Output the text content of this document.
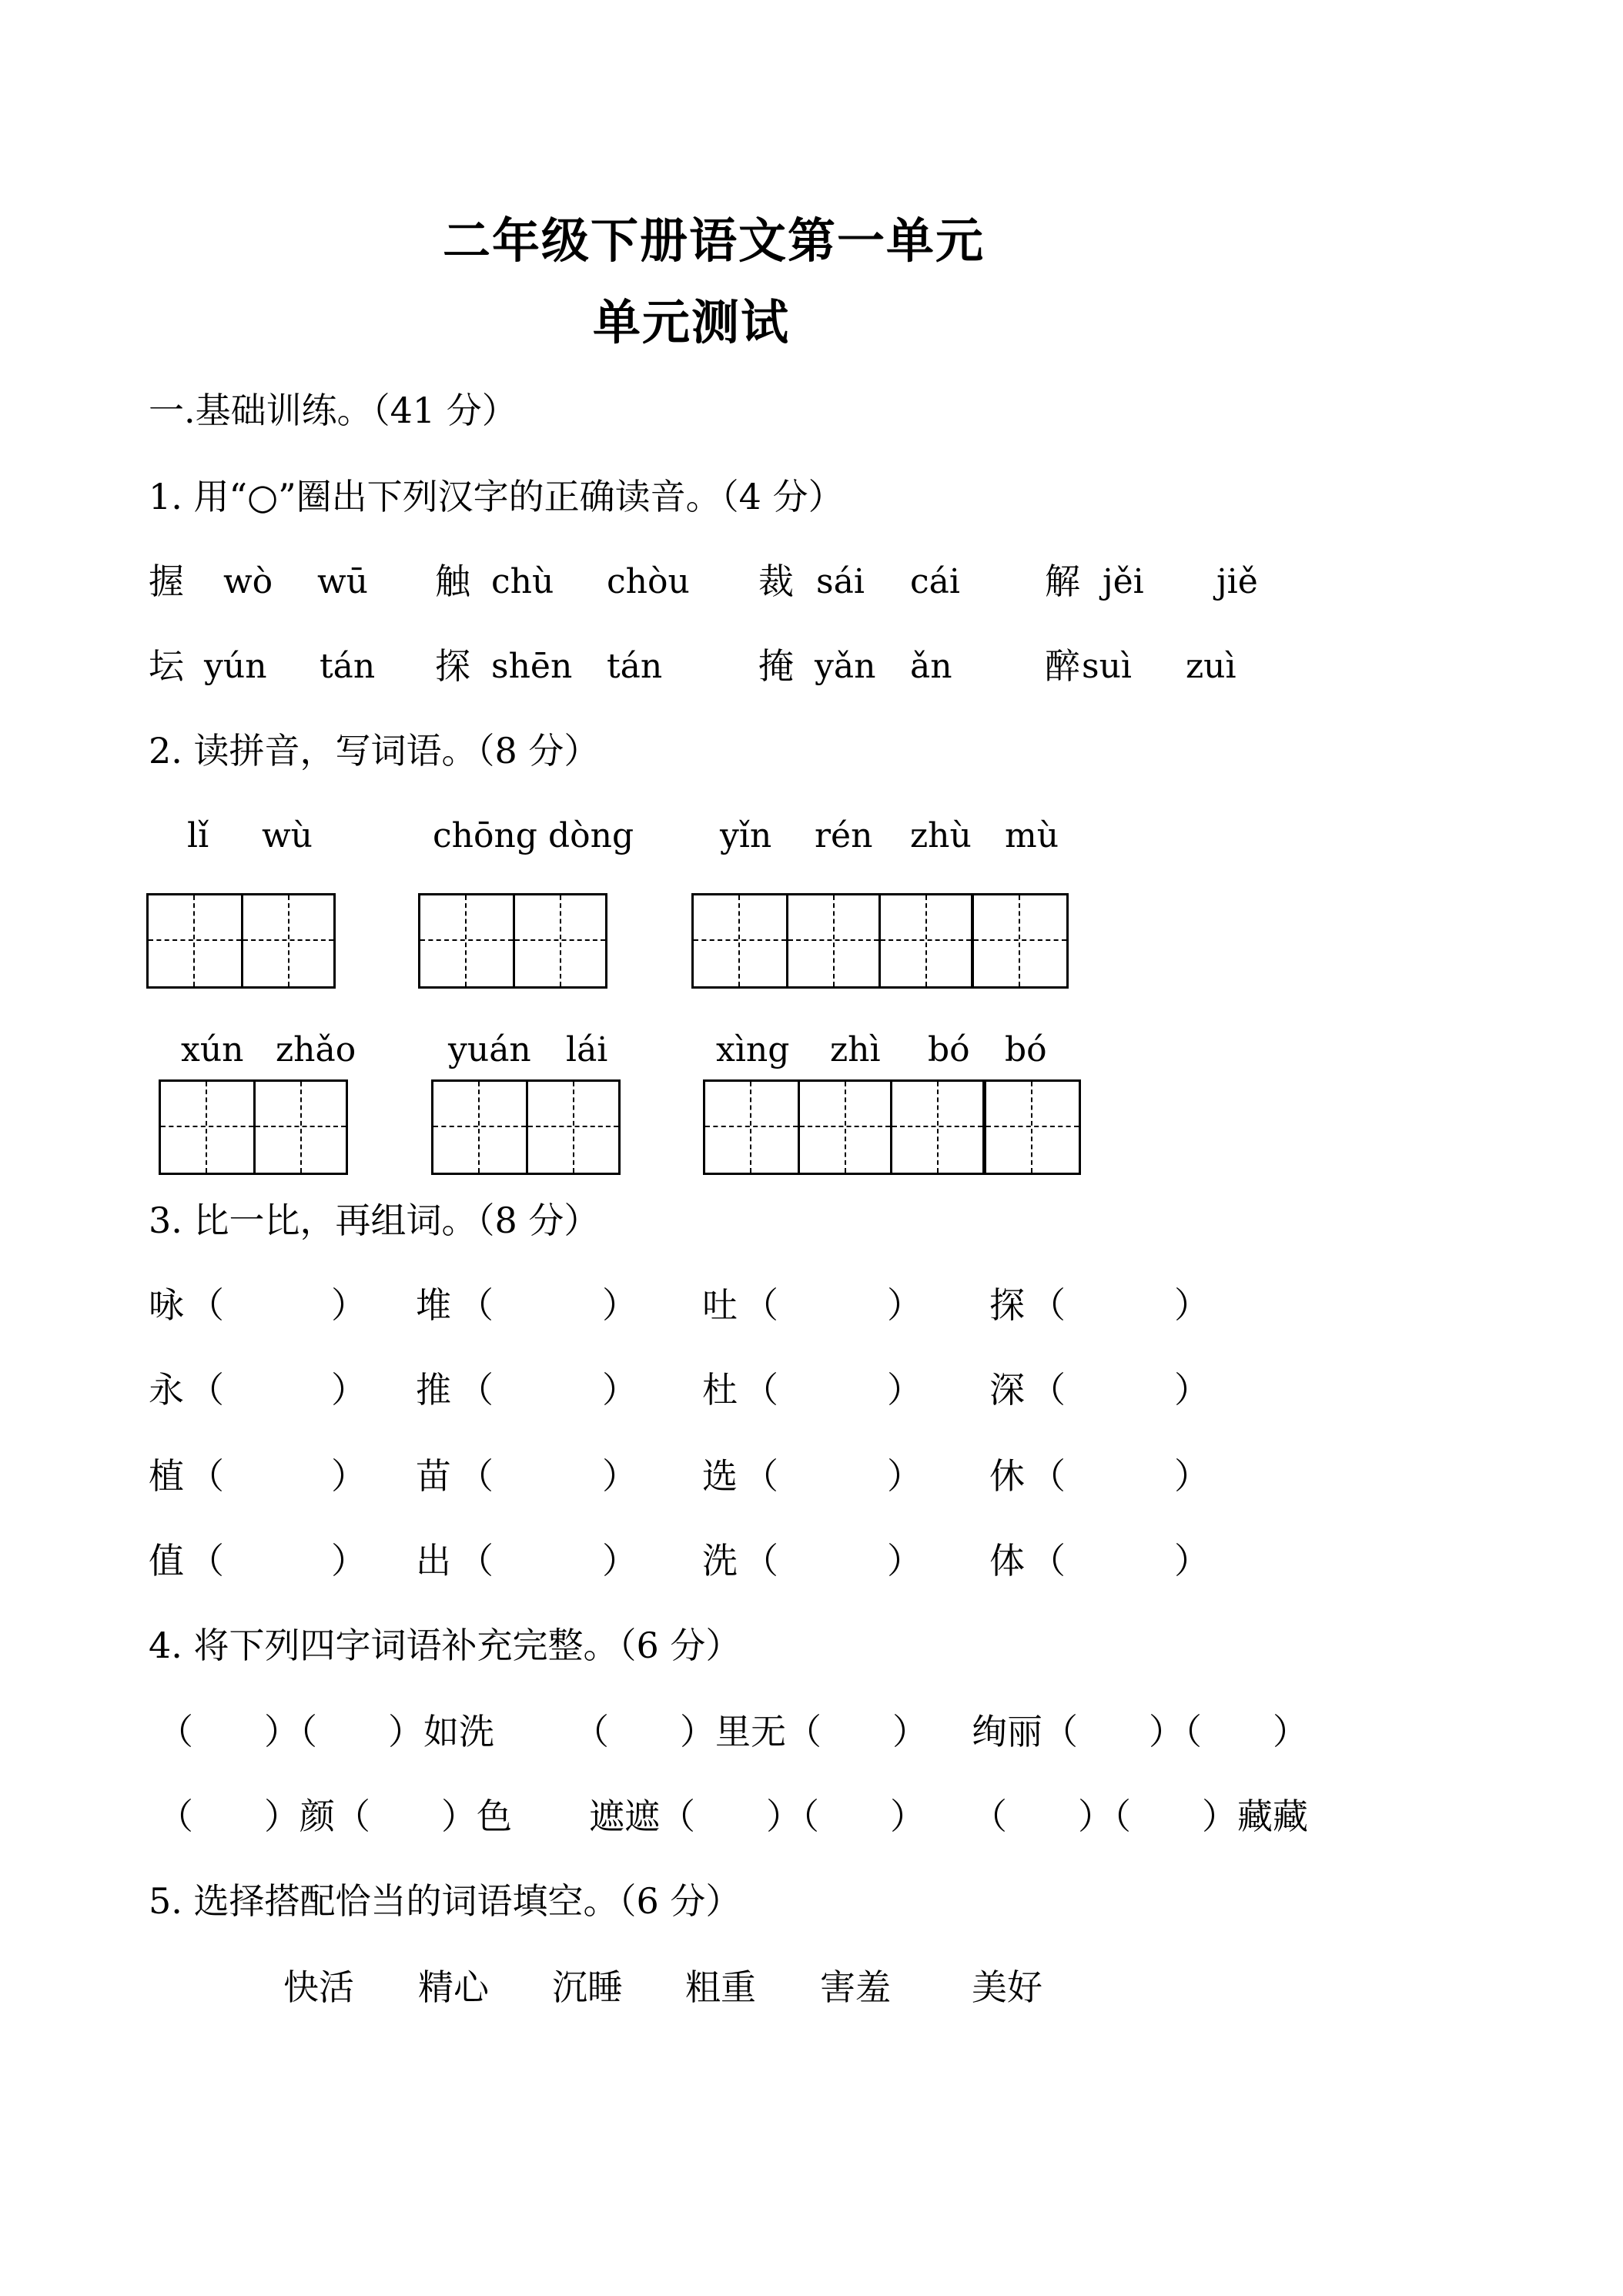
二年级下册语文第一单元
单元测试
一.基础训练。（41 分）
1. 用“○”圈出下列汉字的正确读音。（4 分）
握 wò wū 触 chù chòu 裁 sái cái 解 jěi jiě
坛 yún tán 探 shēn tán	掩 yǎn ǎn	醉 suì zuì
2. 读拼音，写词语。（8 分）
lǐ wù	chōng dòng	yǐn rén zhù mù
xún zhǎo	yuán lái	xìng zhì bó bó
3. 比一比，再组词。（8 分）
咏 （	） 堆 （	） 吐 （	） 探 （	）
永 （	） 推 （	） 杜 （	） 深 （	）
植 （	） 苗 （	） 选 （	） 休 （	）
值 （	） 出 （	） 洗 （	） 体 （	）
4. 将下列四字词语补充完整。（6 分）
（　　）（　　）如洗 （　　）里无（　　） 绚丽（　　）（　　）
（　　）颜（　　）色 遮遮（　　）（　　） （　　）（　　）藏藏
5. 选择搭配恰当的词语填空。（6 分）
快活 精心 沉睡 粗重 害羞 美好
